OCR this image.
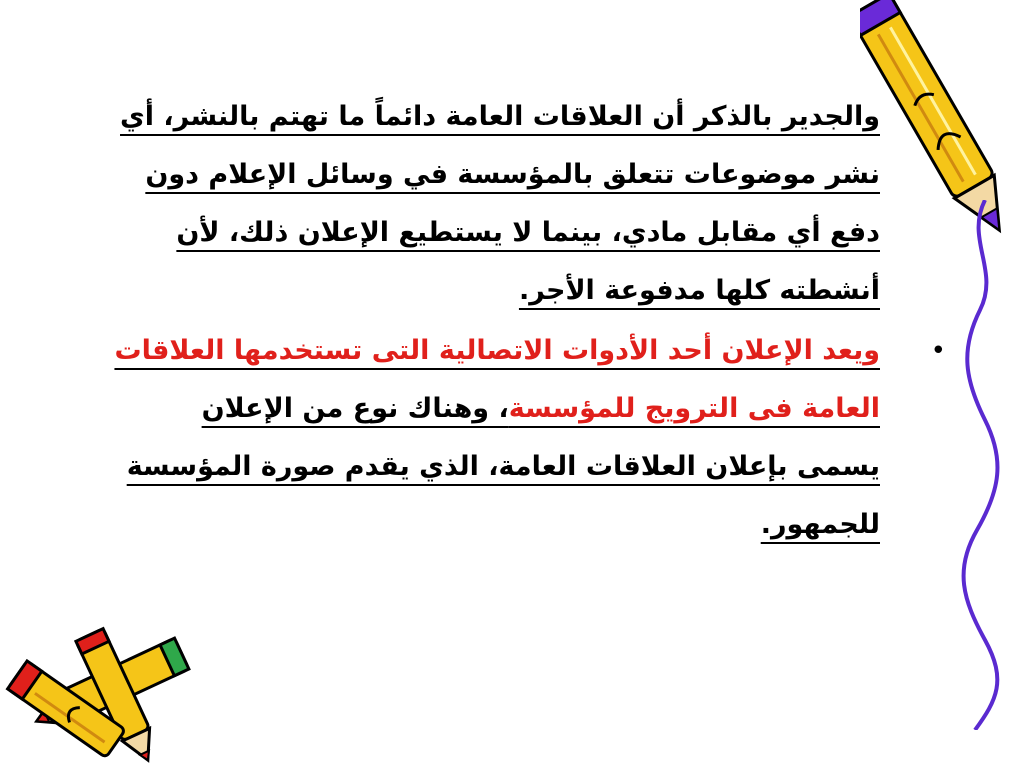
والجدير بالذكر أن العلاقات العامة دائماً ما تهتم بالنشر، أي نشر موضوعات تتعلق بالمؤسسة في وسائل الإعلام دون دفع أي مقابل مادي، بينما لا يستطيع الإعلان ذلك، لأن أنشطته كلها مدفوعة الأجر.

•

ويعد الإعلان أحد الأدوات الاتصالية التى تستخدمها العلاقات العامة فى الترويج للمؤسسة، وهناك نوع من الإعلان يسمى بإعلان العلاقات العامة، الذي يقدم صورة المؤسسة للجمهور.
